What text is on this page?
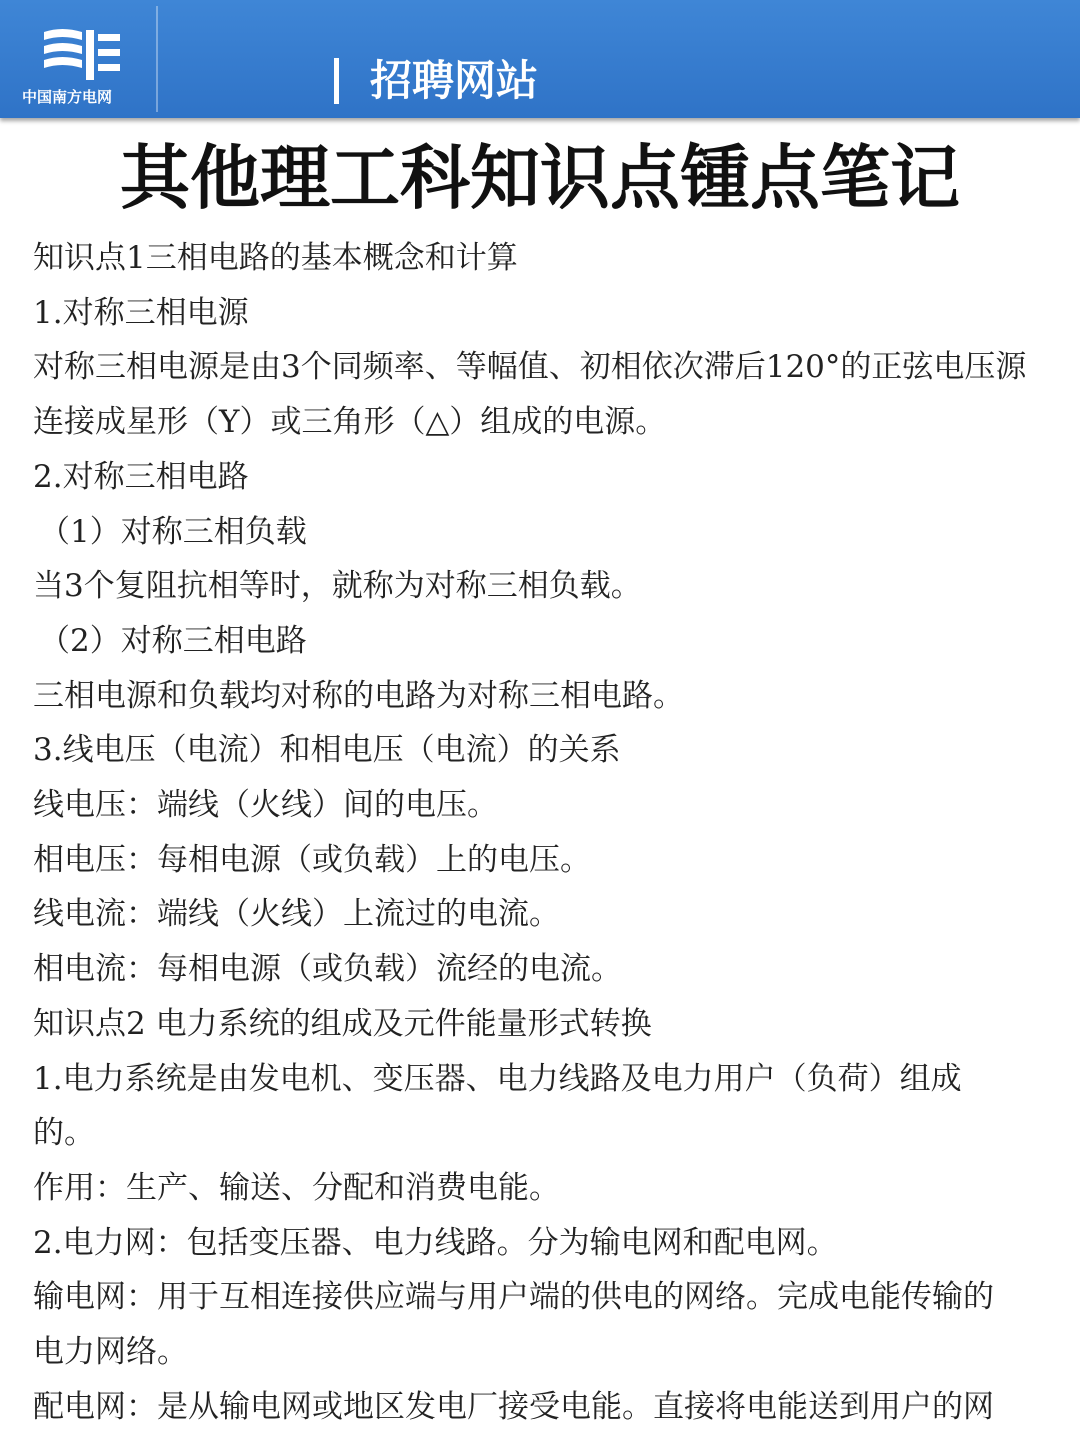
中国南方电网	招聘网站
其他理工科知识点锺点笔记
知识点1三相电路的基本概念和计算
1.对称三相电源
对称三相电源是由3个同频率、等幅值、初相依次滞后120°的正弦电压源
连接成星形（Y）或三角形（△）组成的电源。
2.对称三相电路
（1）对称三相负载
当3个复阻抗相等时，就称为对称三相负载。
（2）对称三相电路
三相电源和负载均对称的电路为对称三相电路。
3.线电压（电流）和相电压（电流）的关系
线电压：端线（火线）间的电压。
相电压：每相电源（或负载）上的电压。
线电流：端线（火线）上流过的电流。
相电流：每相电源（或负载）流经的电流。
知识点2 电力系统的组成及元件能量形式转换
1.电力系统是由发电机、变压器、电力线路及电力用户（负荷）组成
的。
作用：生产、输送、分配和消费电能。
2.电力网：包括变压器、电力线路。分为输电网和配电网。
输电网：用于互相连接供应端与用户端的供电的网络。完成电能传输的
电力网络。
配电网：是从输电网或地区发电厂接受电能。直接将电能送到用户的网
